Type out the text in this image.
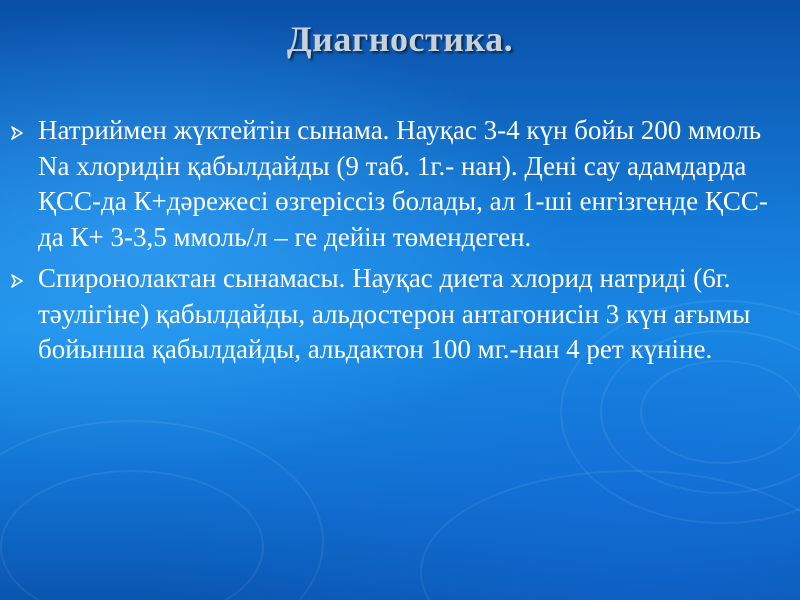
Диагностика.
Натриймен жүктейтін сынама. Науқас 3-4 күн бойы 200 ммоль Na хлоридін қабылдайды (9 таб. 1г.- нан). Дені сау адамдарда ҚСС-да К+дәрежесі өзгеріссіз болады, ал 1-ші енгізгенде ҚСС-да К+ 3-3,5 ммоль/л – ге дейін төмендеген.
Спиронолактан сынамасы. Науқас диета хлорид натриді (6г. тәулігіне) қабылдайды, альдостерон антагонисін 3 күн ағымы бойынша қабылдайды, альдактон 100 мг.-нан 4 рет күніне.
